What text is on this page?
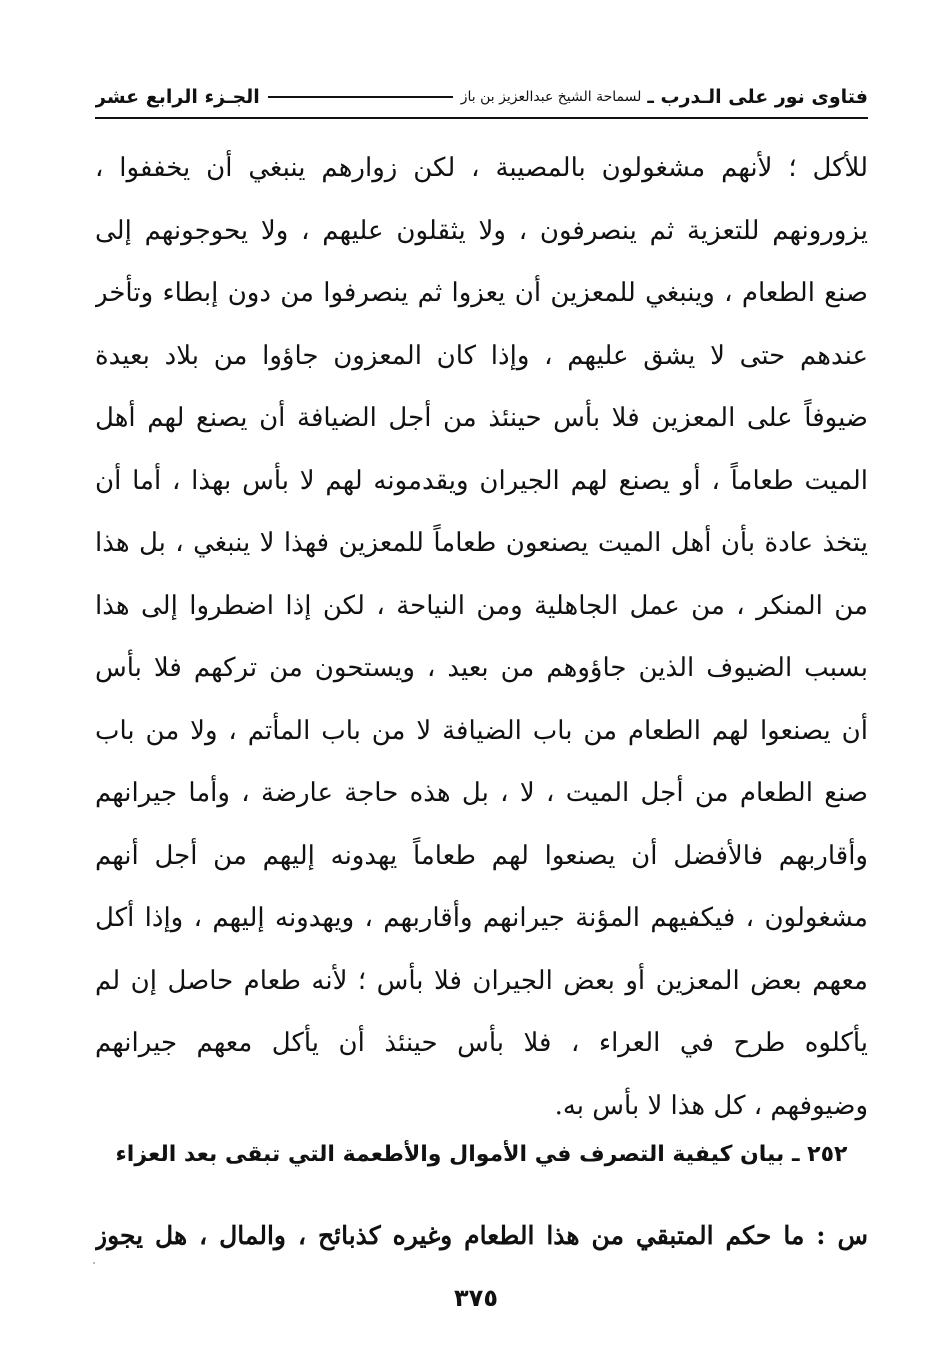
فتاوى نور على الـدرب ـ
لسماحة الشيخ عبدالعزيز بن باز
الجـزء الرابع عشر
للأكل ؛ لأنهم مشغولون بالمصيبة ، لكن زوارهم ينبغي أن يخففوا ،
يزورونهم للتعزية ثم ينصرفون ، ولا يثقلون عليهم ، ولا يحوجونهم إلى
صنع الطعام ، وينبغي للمعزين أن يعزوا ثم ينصرفوا من دون إبطاء وتأخر
عندهم حتى لا يشق عليهم ، وإذا كان المعزون جاؤوا من بلاد بعيدة
ضيوفاً على المعزين فلا بأس حينئذ من أجل الضيافة أن يصنع لهم أهل
الميت طعاماً ، أو يصنع لهم الجيران ويقدمونه لهم لا بأس بهذا ، أما أن
يتخذ عادة بأن أهل الميت يصنعون طعاماً للمعزين فهذا لا ينبغي ، بل هذا
من المنكر ، من عمل الجاهلية ومن النياحة ، لكن إذا اضطروا إلى هذا
بسبب الضيوف الذين جاؤوهم من بعيد ، ويستحون من تركهم فلا بأس
أن يصنعوا لهم الطعام من باب الضيافة لا من باب المأتم ، ولا من باب
صنع الطعام من أجل الميت ، لا ، بل هذه حاجة عارضة ، وأما جيرانهم
وأقاربهم فالأفضل أن يصنعوا لهم طعاماً يهدونه إليهم من أجل أنهم
مشغولون ، فيكفيهم المؤنة جيرانهم وأقاربهم ، ويهدونه إليهم ، وإذا أكل
معهم بعض المعزين أو بعض الجيران فلا بأس ؛ لأنه طعام حاصل إن لم
يأكلوه طرح في العراء ، فلا بأس حينئذ أن يأكل معهم جيرانهم
وضيوفهم ، كل هذا لا بأس به.
٢٥٢ ـ بيان كيفية التصرف في الأموال والأطعمة التي تبقى بعد العزاء
س : ما حكم المتبقي من هذا الطعام وغيره كذبائح ، والمال ، هل يجوز
٣٧٥
